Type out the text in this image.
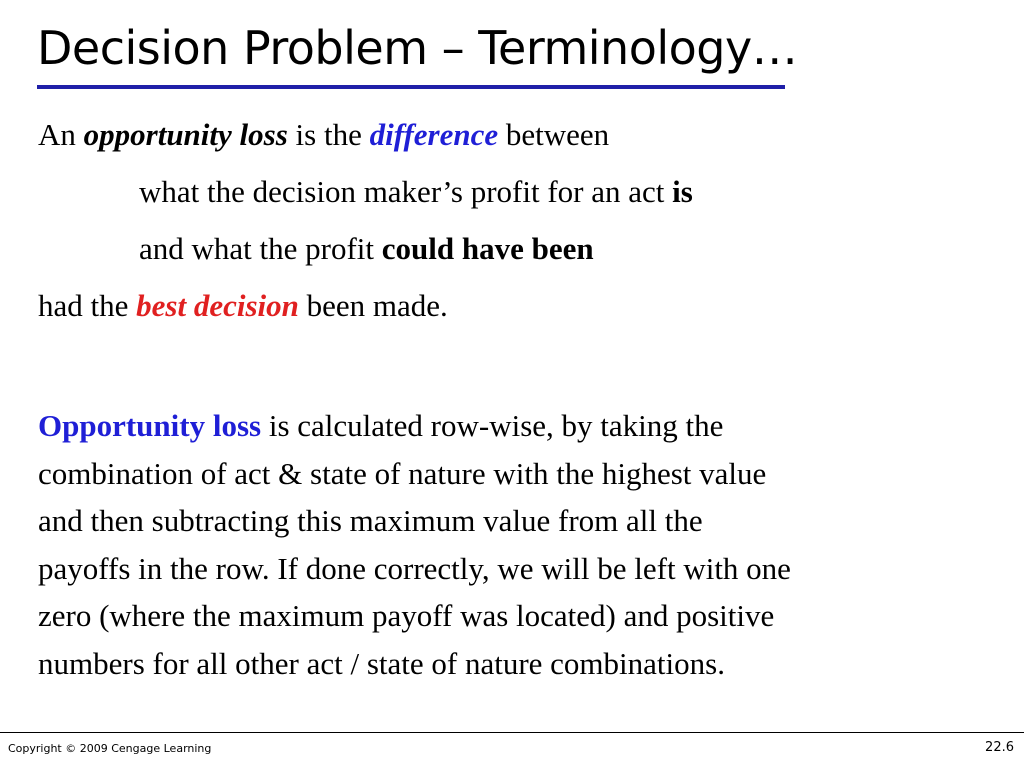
Decision Problem – Terminology…
An opportunity loss is the difference between
what the decision maker’s profit for an act is
and what the profit could have been
had the best decision been made.
Opportunity loss is calculated row-wise, by taking the
combination of act & state of nature with the highest value
and then subtracting this maximum value from all the
payoffs in the row. If done correctly, we will be left with one
zero (where the maximum payoff was located) and positive
numbers for all other act / state of nature combinations.
Copyright © 2009 Cengage Learning	22.6
